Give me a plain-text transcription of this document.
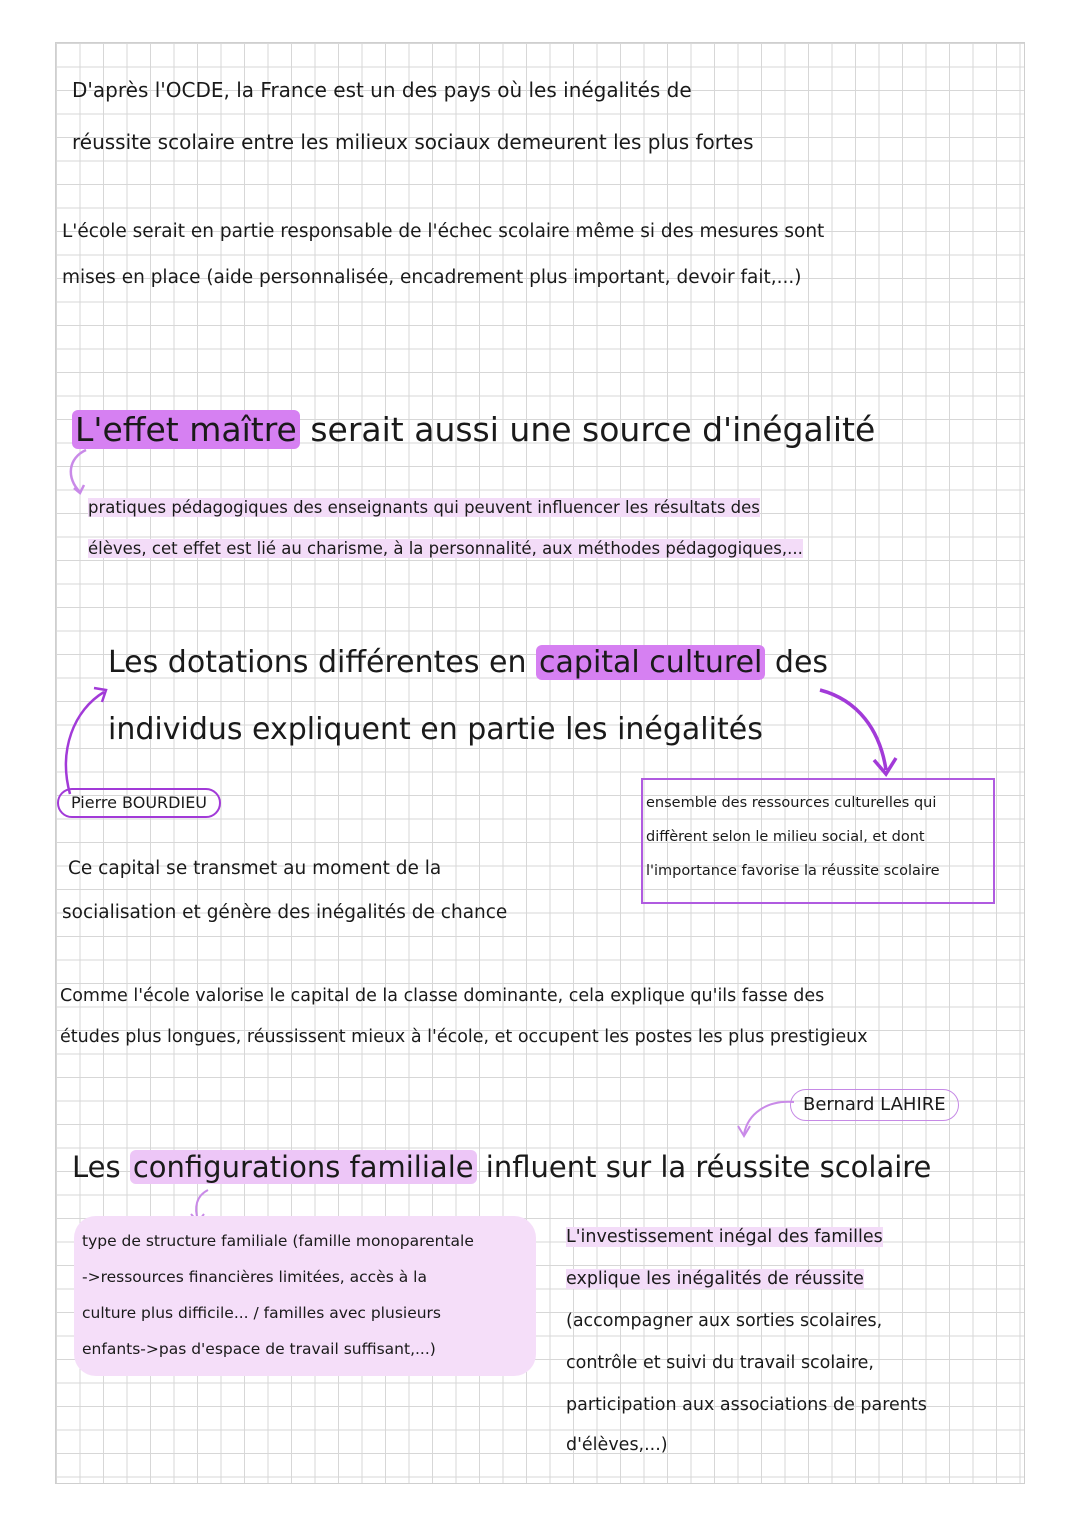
D'après l'OCDE, la France est un des pays où les inégalités de
réussite scolaire entre les milieux sociaux demeurent les plus fortes
L'école serait en partie responsable de l'échec scolaire même si des mesures sont
mises en place (aide personnalisée, encadrement plus important, devoir fait,...)
L'effet maître serait aussi une source d'inégalité
pratiques pédagogiques des enseignants qui peuvent influencer les résultats des
élèves, cet effet est lié au charisme, à la personnalité, aux méthodes pédagogiques,...
Les dotations différentes en capital culturel des
individus expliquent en partie les inégalités
Pierre BOURDIEU	ensemble des ressources culturelles qui
diffèrent selon le milieu social, et dont
l'importance favorise la réussite scolaire
Ce capital se transmet au moment de la
socialisation et génère des inégalités de chance
Comme l'école valorise le capital de la classe dominante, cela explique qu'ils fasse des
études plus longues, réussissent mieux à l'école, et occupent les postes les plus prestigieux
Bernard LAHIRE
Les configurations familiale influent sur la réussite scolaire
type de structure familiale (famille monoparentale
->ressources financières limitées, accès à la
culture plus difficile... / familles avec plusieurs
enfants->pas d'espace de travail suffisant,...)
L'investissement inégal des familles
explique les inégalités de réussite
(accompagner aux sorties scolaires,
contrôle et suivi du travail scolaire,
participation aux associations de parents
d'élèves,...)
